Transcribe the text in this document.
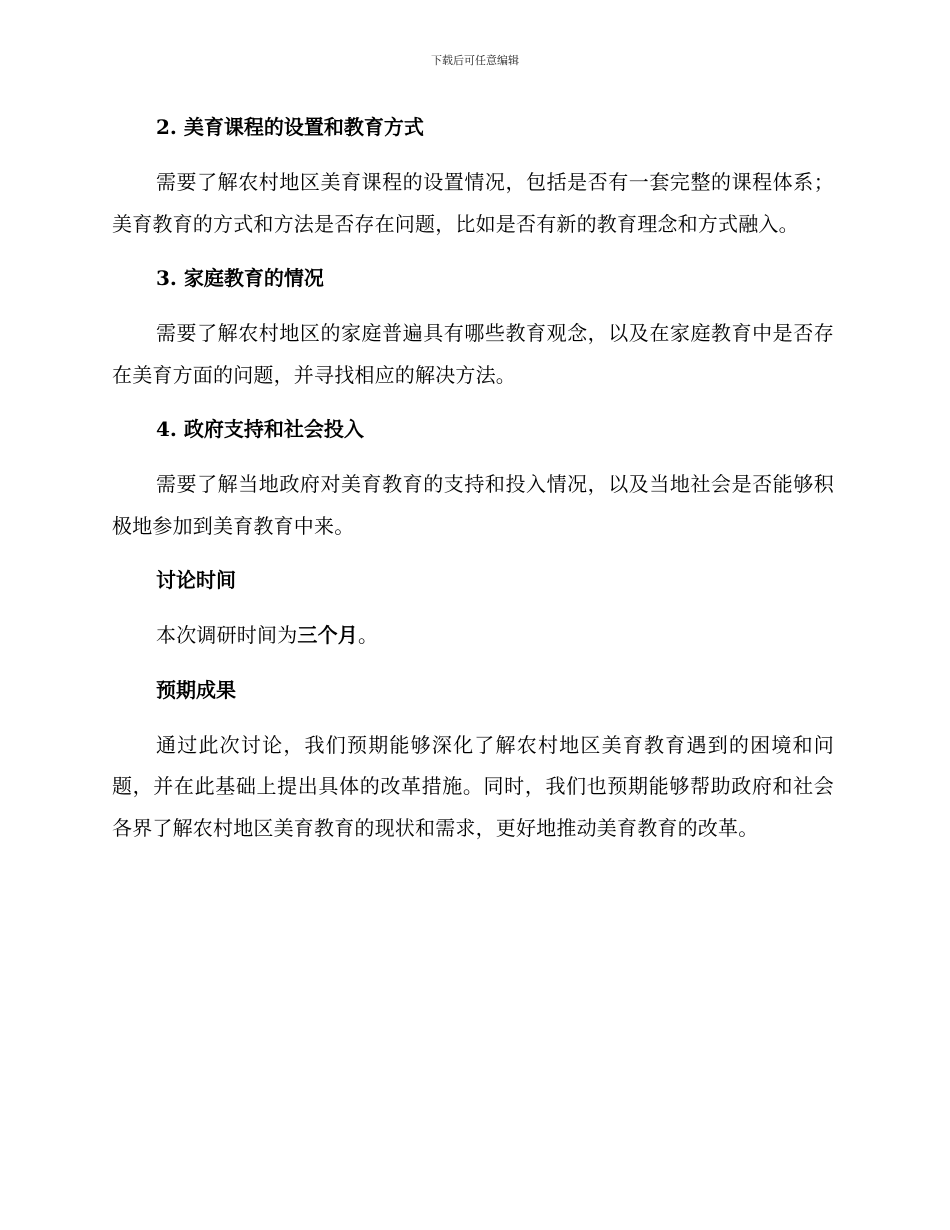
下载后可任意编辑
2. 美育课程的设置和教育方式

需要了解农村地区美育课程的设置情况，包括是否有一套完整的课程体系；美育教育的方式和方法是否存在问题，比如是否有新的教育理念和方式融入。

3. 家庭教育的情况

需要了解农村地区的家庭普遍具有哪些教育观念，以及在家庭教育中是否存在美育方面的问题，并寻找相应的解决方法。

4. 政府支持和社会投入

需要了解当地政府对美育教育的支持和投入情况，以及当地社会是否能够积极地参加到美育教育中来。

讨论时间

本次调研时间为三个月。

预期成果

通过此次讨论，我们预期能够深化了解农村地区美育教育遇到的困境和问题，并在此基础上提出具体的改革措施。同时，我们也预期能够帮助政府和社会各界了解农村地区美育教育的现状和需求，更好地推动美育教育的改革。
